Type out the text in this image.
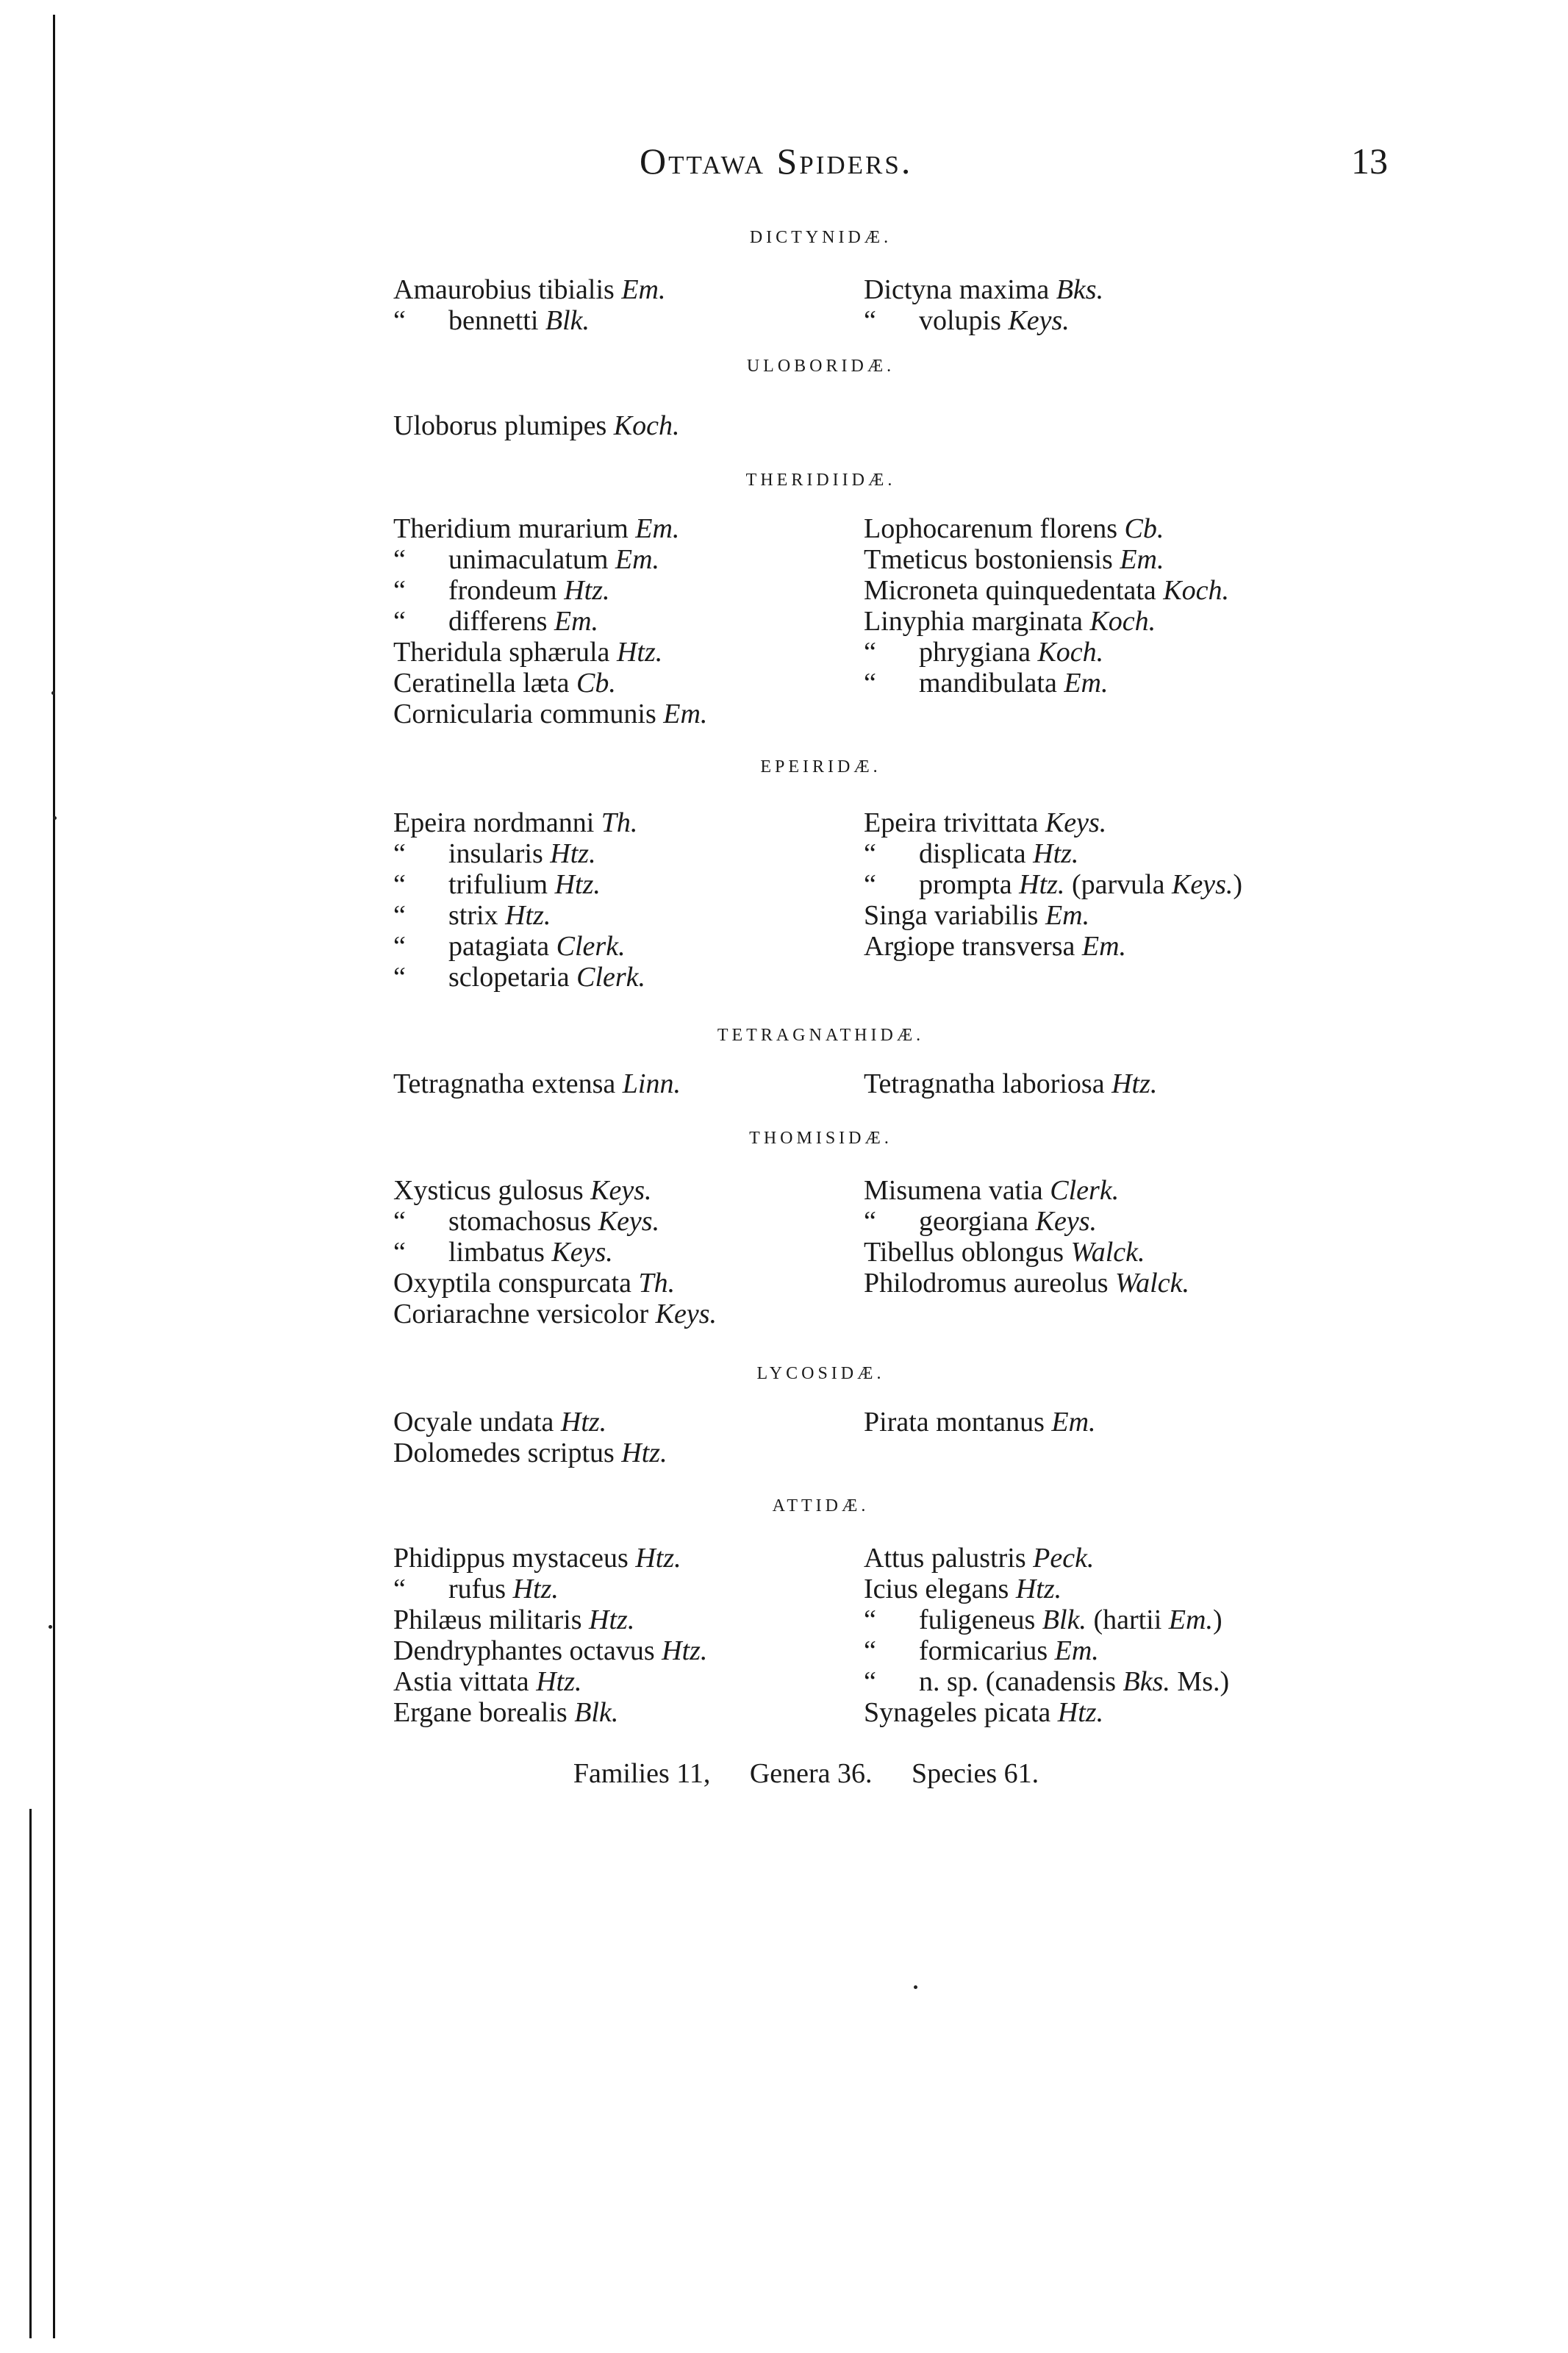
Ottawa Spiders.	13
DICTYNIDÆ.
Amaurobius tibialis Em.
“ bennetti Blk.
Dictyna maxima Bks.
“ volupis Keys.
ULOBORIDÆ.
Uloborus plumipes Koch.
THERIDIIDÆ.
Theridium murarium Em.
“ unimaculatum Em.
“ frondeum Htz.
“ differens Em.
Theridula sphærula Htz.
Ceratinella læta Cb.
Cornicularia communis Em.
Lophocarenum florens Cb.
Tmeticus bostoniensis Em.
Microneta quinquedentata Koch.
Linyphia marginata Koch.
“ phrygiana Koch.
“ mandibulata Em.
EPEIRIDÆ.
Epeira nordmanni Th.
“ insularis Htz.
“ trifulium Htz.
“ strix Htz.
“ patagiata Clerk.
“ sclopetaria Clerk.
Epeira trivittata Keys.
“ displicata Htz.
“ prompta Htz. (parvula Keys.)
Singa variabilis Em.
Argiope transversa Em.
TETRAGNATHIDÆ.
Tetragnatha extensa Linn.	Tetragnatha laboriosa Htz.
THOMISIDÆ.
Xysticus gulosus Keys.
“ stomachosus Keys.
“ limbatus Keys.
Oxyptila conspurcata Th.
Coriarachne versicolor Keys.
Misumena vatia Clerk.
“ georgiana Keys.
Tibellus oblongus Walck.
Philodromus aureolus Walck.
LYCOSIDÆ.
Ocyale undata Htz.
Dolomedes scriptus Htz.
Pirata montanus Em.
ATTIDÆ.
Phidippus mystaceus Htz.
“ rufus Htz.
Philæus militaris Htz.
Dendryphantes octavus Htz.
Astia vittata Htz.
Ergane borealis Blk.
Attus palustris Peck.
Icius elegans Htz.
“ fuligeneus Blk. (hartii Em.)
“ formicarius Em.
“ n. sp. (canadensis Bks. Ms.)
Synageles picata Htz.
Families 11, Genera 36. Species 61.
